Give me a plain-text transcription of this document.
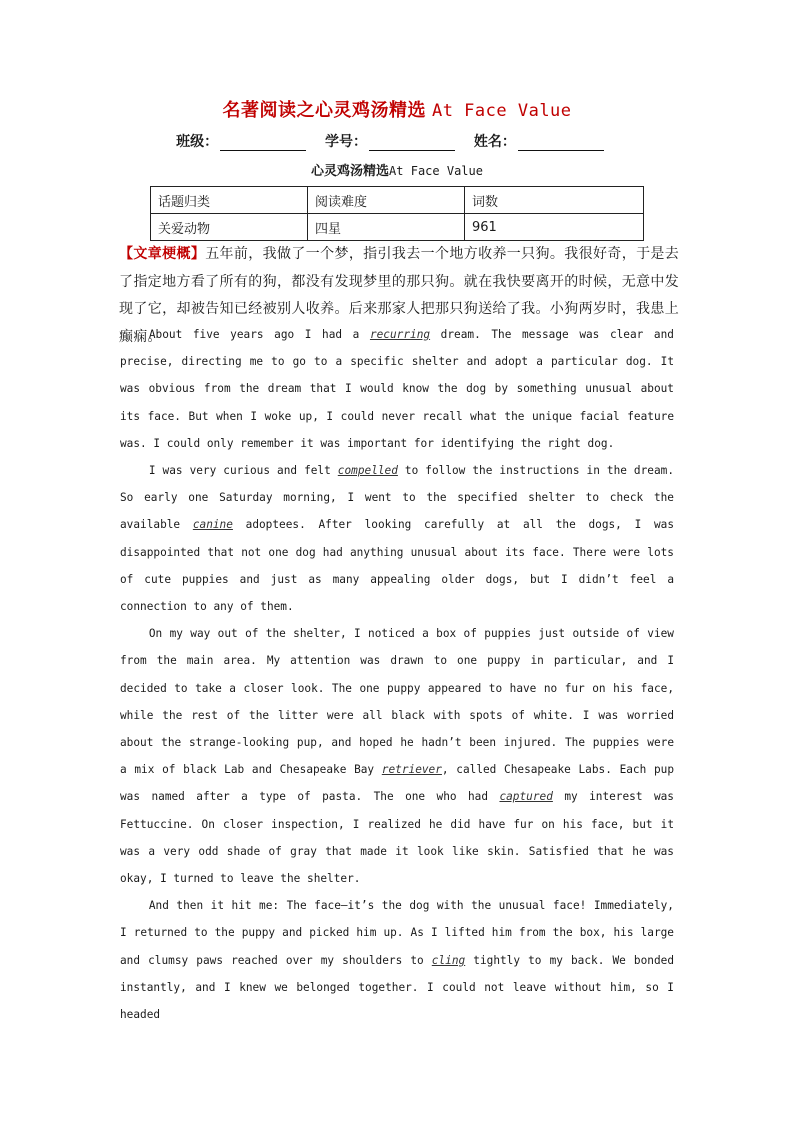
名著阅读之心灵鸡汤精选 At Face Value
班级：	学号：	姓名：
心灵鸡汤精选At Face Value
话题归类	阅读难度	词数
关爱动物	四星	961
【文章梗概】五年前，我做了一个梦，指引我去一个地方收养一只狗。我很好奇，于是去了指定地方看了所有的狗，都没有发现梦里的那只狗。就在我快要离开的时候，无意中发现了它，却被告知已经被别人收养。后来那家人把那只狗送给了我。小狗两岁时，我患上癫痫。

About five years ago I had a recurring dream. The message was clear and precise, directing me to go to a specific shelter and adopt a particular dog. It was obvious from the dream that I would know the dog by something unusual about its face. But when I woke up, I could never recall what the unique facial feature was. I could only remember it was important for identifying the right dog.

I was very curious and felt compelled to follow the instructions in the dream. So early one Saturday morning, I went to the specified shelter to check the available canine adoptees. After looking carefully at all the dogs, I was disappointed that not one dog had anything unusual about its face. There were lots of cute puppies and just as many appealing older dogs, but I didn’t feel a connection to any of them.

On my way out of the shelter, I noticed a box of puppies just outside of view from the main area. My attention was drawn to one puppy in particular, and I decided to take a closer look. The one puppy appeared to have no fur on his face, while the rest of the litter were all black with spots of white. I was worried about the strange-looking pup, and hoped he hadn’t been injured. The puppies were a mix of black Lab and Chesapeake Bay retriever, called Chesapeake Labs. Each pup was named after a type of pasta. The one who had captured my interest was Fettuccine. On closer inspection, I realized he did have fur on his face, but it was a very odd shade of gray that made it look like skin. Satisfied that he was okay, I turned to leave the shelter.

And then it hit me: The face—it’s the dog with the unusual face! Immediately, I returned to the puppy and picked him up. As I lifted him from the box, his large and clumsy paws reached over my shoulders to cling tightly to my back. We bonded instantly, and I knew we belonged together. I could not leave without him, so I headed
